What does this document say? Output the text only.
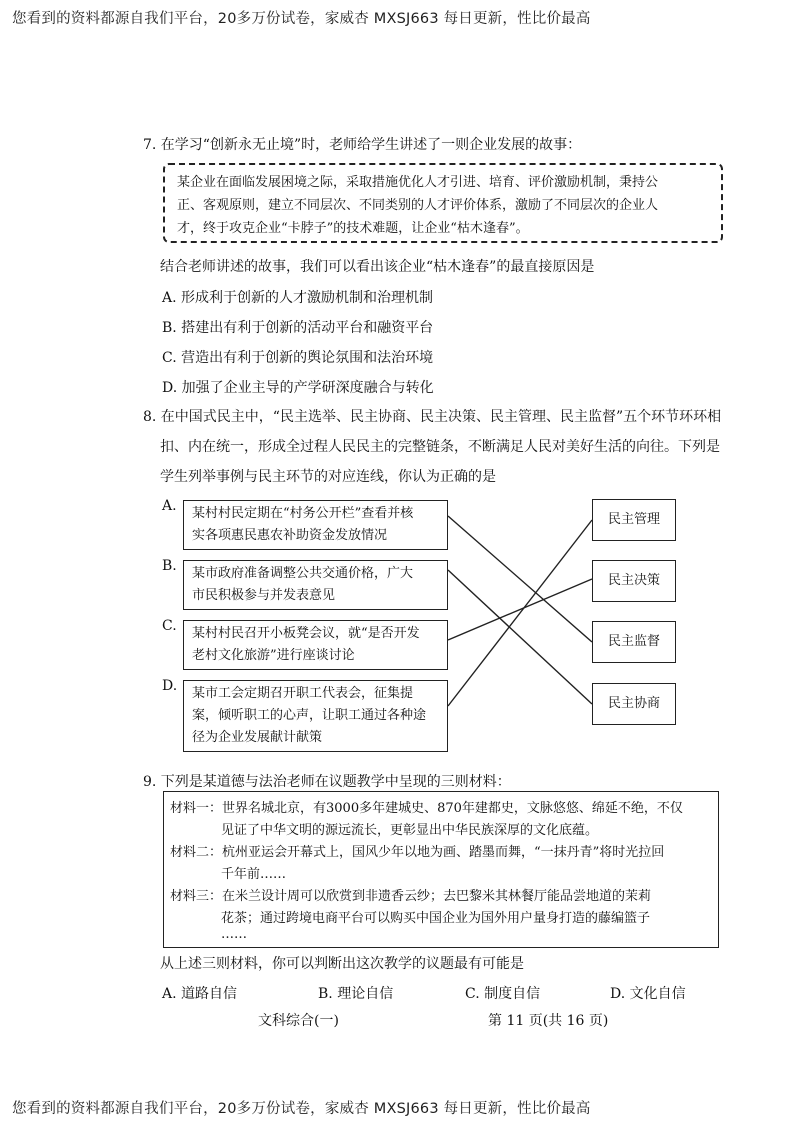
您看到的资料都源自我们平台，20多万份试卷，家威杏 MXSJ663 每日更新，性比价最高
7. 在学习“创新永无止境”时，老师给学生讲述了一则企业发展的故事：
某企业在面临发展困境之际，采取措施优化人才引进、培育、评价激励机制，秉持公
正、客观原则，建立不同层次、不同类别的人才评价体系，激励了不同层次的企业人
才，终于攻克企业“卡脖子”的技术难题，让企业“枯木逢春”。
结合老师讲述的故事，我们可以看出该企业“枯木逢春”的最直接原因是
A. 形成利于创新的人才激励机制和治理机制
B. 搭建出有利于创新的活动平台和融资平台
C. 营造出有利于创新的舆论氛围和法治环境
D. 加强了企业主导的产学研深度融合与转化
8. 在中国式民主中，“民主选举、民主协商、民主决策、民主管理、民主监督”五个环节环环相
扣、内在统一，形成全过程人民民主的完整链条，不断满足人民对美好生活的向往。下列是
学生列举事例与民主环节的对应连线，你认为正确的是
A.
B.
C.
D.
某村村民定期在“村务公开栏”查看并核
实各项惠民惠农补助资金发放情况
某市政府准备调整公共交通价格，广大
市民积极参与并发表意见
某村村民召开小板凳会议，就“是否开发
老村文化旅游”进行座谈讨论
某市工会定期召开职工代表会，征集提
案，倾听职工的心声，让职工通过各种途
径为企业发展献计献策
民主管理
民主决策
民主监督
民主协商
9. 下列是某道德与法治老师在议题教学中呈现的三则材料：
材料一：世界名城北京，有3000多年建城史、870年建都史，文脉悠悠、绵延不绝，不仅
见证了中华文明的源远流长，更彰显出中华民族深厚的文化底蕴。
材料二：杭州亚运会开幕式上，国风少年以地为画、踏墨而舞，“一抹丹青”将时光拉回
千年前……
材料三：在米兰设计周可以欣赏到非遗香云纱；去巴黎米其林餐厅能品尝地道的茉莉
花茶；通过跨境电商平台可以购买中国企业为国外用户量身打造的藤编篮子
……
从上述三则材料，你可以判断出这次教学的议题最有可能是
A. 道路自信	B. 理论自信	C. 制度自信	D. 文化自信
文科综合(一)	第 11 页(共 16 页)
您看到的资料都源自我们平台，20多万份试卷，家威杏 MXSJ663 每日更新，性比价最高
